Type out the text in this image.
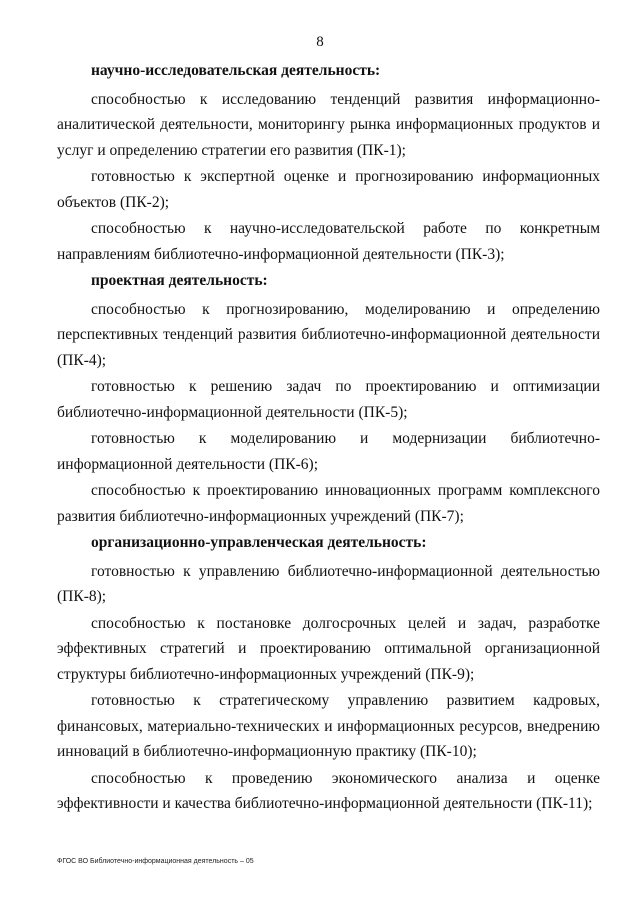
8
научно-исследовательская деятельность:

способностью к исследованию тенденций развития информационно-аналитической деятельности, мониторингу рынка информационных продуктов и услуг и определению стратегии его развития (ПК-1);

готовностью к экспертной оценке и прогнозированию информационных объектов (ПК-2);

способностью к научно-исследовательской работе по конкретным направлениям библиотечно-информационной деятельности (ПК-3);

проектная деятельность:

способностью к прогнозированию, моделированию и определению перспективных тенденций развития библиотечно-информационной деятельности (ПК-4);

готовностью к решению задач по проектированию и оптимизации библиотечно-информационной деятельности (ПК-5);

готовностью к моделированию и модернизации библиотечно-информационной деятельности (ПК-6);

способностью к проектированию инновационных программ комплексного развития библиотечно-информационных учреждений (ПК-7);

организационно-управленческая деятельность:

готовностью к управлению библиотечно-информационной деятельностью (ПК-8);

способностью к постановке долгосрочных целей и задач, разработке эффективных стратегий и проектированию оптимальной организационной структуры библиотечно-информационных учреждений (ПК-9);

готовностью к стратегическому управлению развитием кадровых, финансовых, материально-технических и информационных ресурсов, внедрению инноваций в библиотечно-информационную практику (ПК-10);

способностью к проведению экономического анализа и оценке эффективности и качества библиотечно-информационной деятельности (ПК-11);

ФГОС ВО Библиотечно-информационная деятельность – 05
